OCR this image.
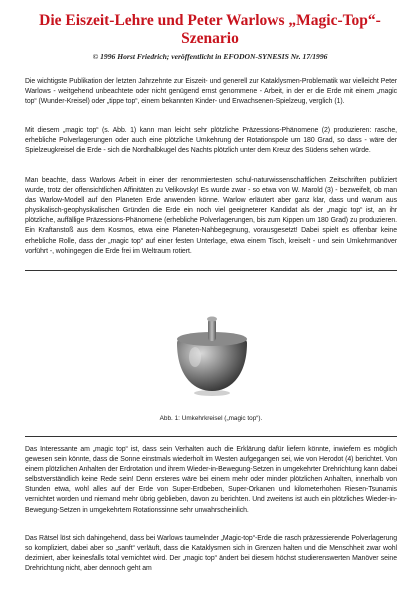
Die Eiszeit-Lehre und Peter Warlows „Magic-Top“-Szenario

© 1996 Horst Friedrich; veröffentlicht in EFODON-SYNESIS Nr. 17/1996

Die wichtigste Publikation der letzten Jahrzehnte zur Eiszeit- und generell zur Kataklysmen-Problematik war vielleicht Peter Warlows - weitgehend unbeachtete oder nicht genügend ernst genommene - Arbeit, in der er die Erde mit einem „magic top“ (Wunder-Kreisel) oder „tippe top“, einem bekannten Kinder- und Erwachsenen-Spielzeug, verglich (1).

Mit diesem „magic top“ (s. Abb. 1) kann man leicht sehr plötzliche Präzessions-Phänomene (2) produzieren: rasche, erhebliche Polverlagerungen oder auch eine plötzliche Umkehrung der Rotationspole um 180 Grad, so dass - wäre der Spielzeugkreisel die Erde - sich die Nordhalbkugel des Nachts plötzlich unter dem Kreuz des Südens sehen würde.

Man beachte, dass Warlows Arbeit in einer der renommiertesten schul-naturwissenschaftlichen Zeitschriften publiziert wurde, trotz der offensichtlichen Affinitäten zu Velikovsky! Es wurde zwar - so etwa von W. Marold (3) - bezweifelt, ob man das Warlow-Modell auf den Planeten Erde anwenden könne. Warlow erläutert aber ganz klar, dass und warum aus physikalisch-geophysikalischen Gründen die Erde ein noch viel geeigneterer Kandidat als der „magic top“ ist, an ihr plötzliche, auffällige Präzessions-Phänomene (erhebliche Polverlagerungen, bis zum Kippen um 180 Grad) zu produzieren. Ein Kraftanstoß aus dem Kosmos, etwa eine Planeten-Nahbegegnung, vorausgesetzt! Dabei spielt es offenbar keine erhebliche Rolle, dass der „magic top“ auf einer festen Unterlage, etwa einem Tisch, kreiselt - und sein Umkehrmanöver vorführt -, wohingegen die Erde frei im Weltraum rotiert.

Abb. 1: Umkehrkreisel („magic top“).

Das Interessante am „magic top“ ist, dass sein Verhalten auch die Erklärung dafür liefern könnte, inwiefern es möglich gewesen sein könnte, dass die Sonne einstmals wiederholt im Westen aufgegangen sei, wie von Herodot (4) berichtet. Von einem plötzlichen Anhalten der Erdrotation und ihrem Wieder-in-Bewegung-Setzen in umgekehrter Drehrichtung kann dabei selbstverständlich keine Rede sein! Denn ersteres wäre bei einem mehr oder minder plötzlichen Anhalten, innerhalb von Stunden etwa, wohl alles auf der Erde von Super-Erdbeben, Super-Orkanen und kilometerhohen Riesen-Tsunamis vernichtet worden und niemand mehr übrig geblieben, davon zu berichten. Und zweitens ist auch ein plötzliches Wieder-in-Bewegung-Setzen in umgekehrtem Rotationssinne sehr unwahrscheinlich.

Das Rätsel löst sich dahingehend, dass bei Warlows taumelnder „Magic-top“-Erde die rasch präzessierende Polverlagerung so kompliziert, dabei aber so „sanft“ verläuft, dass die Kataklysmen sich in Grenzen halten und die Menschheit zwar wohl dezimiert, aber keinesfalls total vernichtet wird. Der „magic top“ ändert bei diesem höchst studierenswerten Manöver seine Drehrichtung nicht, aber dennoch geht am
